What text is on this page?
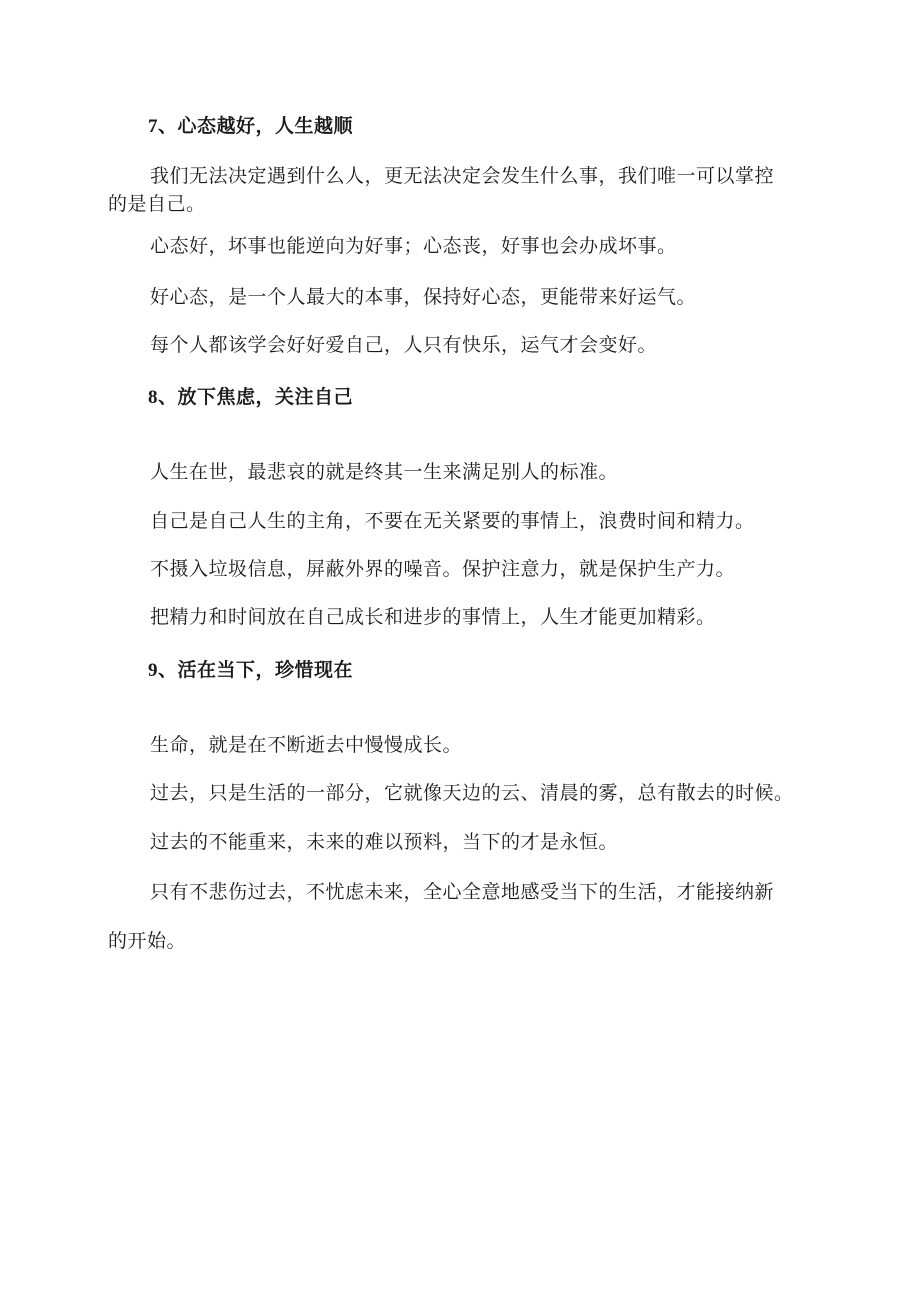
7、心态越好，人生越顺

我们无法决定遇到什么人，更无法决定会发生什么事，我们唯一可以掌控

的是自己。

心态好，坏事也能逆向为好事；心态丧，好事也会办成坏事。

好心态，是一个人最大的本事，保持好心态，更能带来好运气。

每个人都该学会好好爱自己，人只有快乐，运气才会变好。

8、放下焦虑，关注自己

人生在世，最悲哀的就是终其一生来满足别人的标准。

自己是自己人生的主角，不要在无关紧要的事情上，浪费时间和精力。

不摄入垃圾信息，屏蔽外界的噪音。保护注意力，就是保护生产力。

把精力和时间放在自己成长和进步的事情上，人生才能更加精彩。

9、活在当下，珍惜现在

生命，就是在不断逝去中慢慢成长。

过去，只是生活的一部分，它就像天边的云、清晨的雾，总有散去的时候。

过去的不能重来，未来的难以预料，当下的才是永恒。

只有不悲伤过去，不忧虑未来，全心全意地感受当下的生活，才能接纳新

的开始。
